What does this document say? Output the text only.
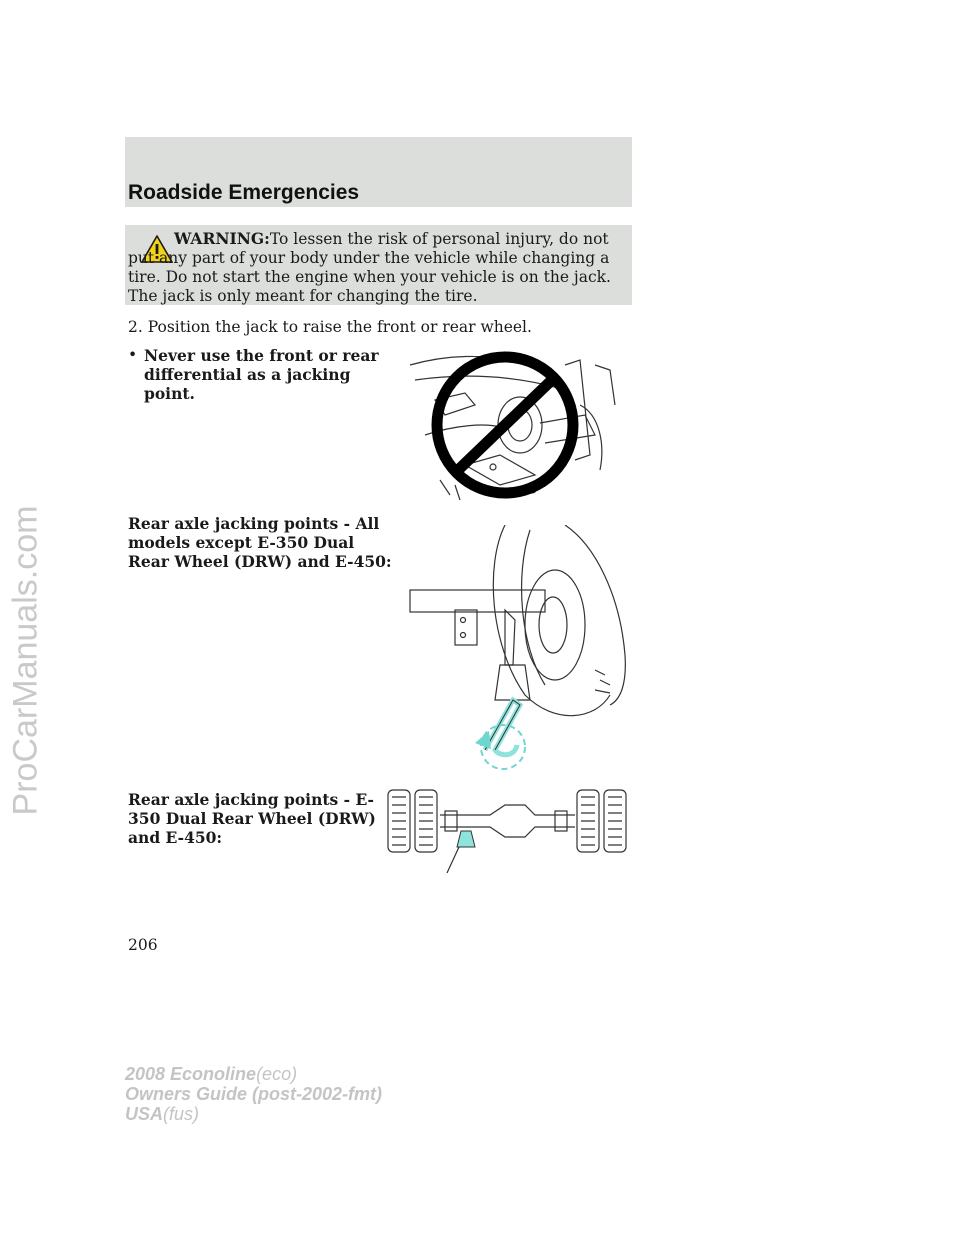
ProCarManuals.com
Roadside Emergencies

WARNING:To lessen the risk of personal injury, do not put any part of your body under the vehicle while changing a tire. Do not start the engine when your vehicle is on the jack. The jack is only meant for changing the tire.

2. Position the jack to raise the front or rear wheel.

• Never use the front or rear differential as a jacking point.

Rear axle jacking points - All models except E-350 Dual Rear Wheel (DRW) and E-450:

Rear axle jacking points - E-350 Dual Rear Wheel (DRW) and E-450:

206
2008 Econoline(eco)
Owners Guide (post-2002-fmt)
USA(fus)
